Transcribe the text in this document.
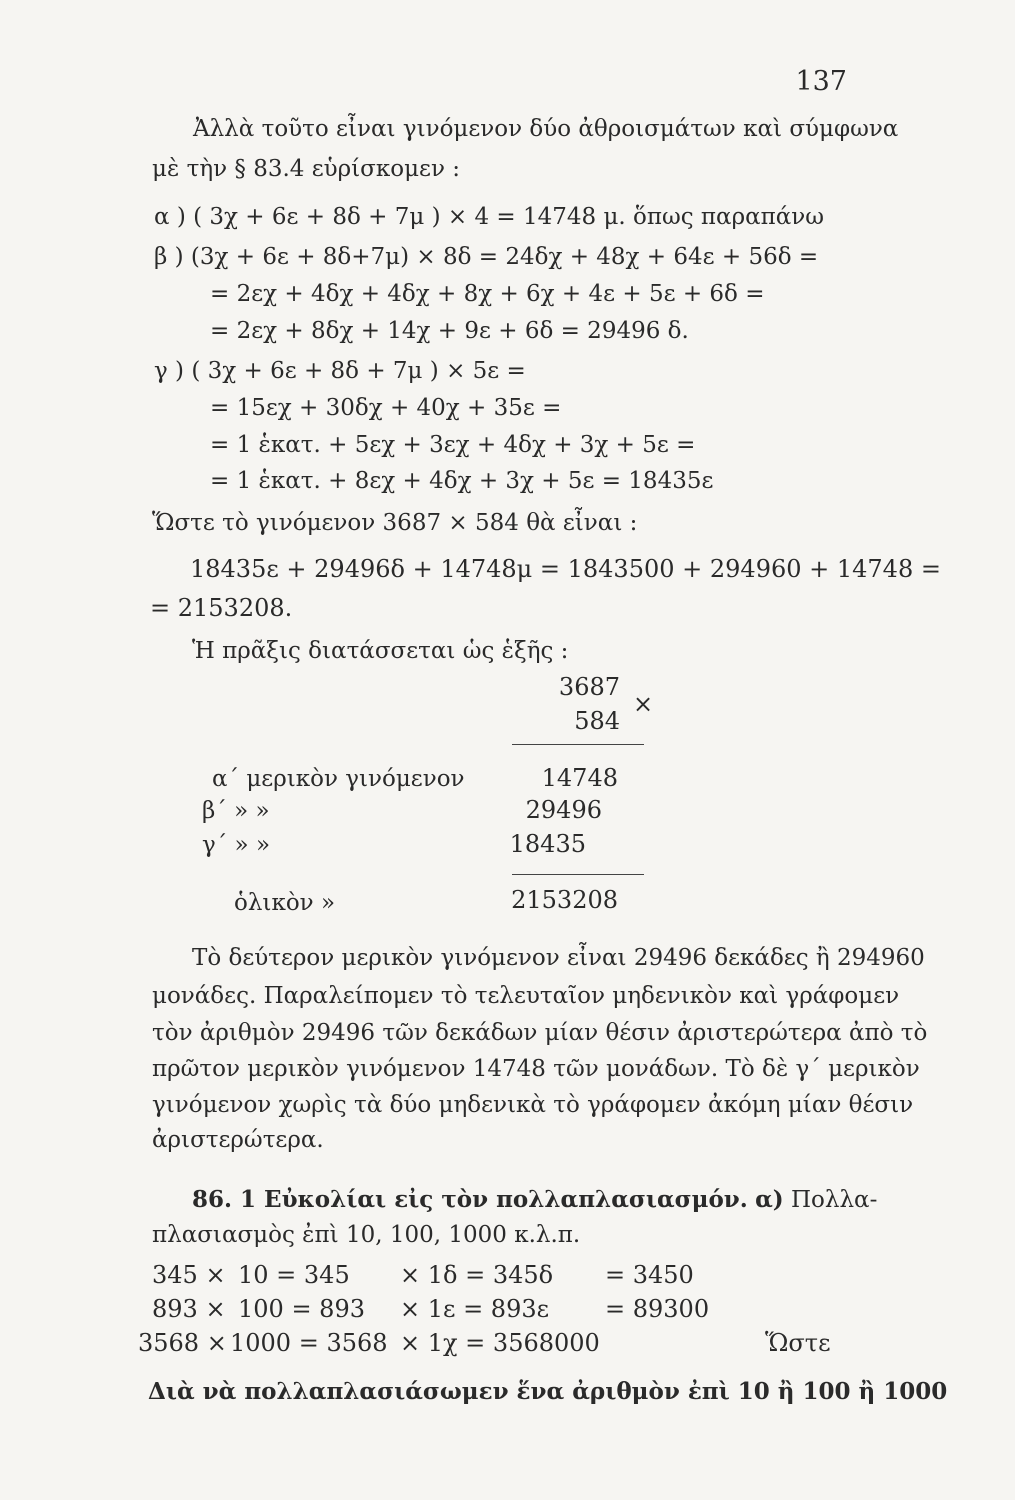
137
Ἀλλὰ τοῦτο εἶναι γινόμενον δύο ἀθροισμάτων καὶ σύμφωνα
μὲ τὴν § 83.4 εὑρίσκομεν :
α ) ( 3χ + 6ε + 8δ + 7μ ) × 4 = 14748 μ. ὅπως παραπάνω
β ) (3χ + 6ε + 8δ+7μ) × 8δ = 24δχ + 48χ + 64ε + 56δ =
= 2εχ + 4δχ + 4δχ + 8χ + 6χ + 4ε + 5ε + 6δ =
= 2εχ + 8δχ + 14χ + 9ε + 6δ = 29496 δ.
γ ) ( 3χ + 6ε + 8δ + 7μ ) × 5ε =
= 15εχ + 30δχ + 40χ + 35ε =
= 1 ἑκατ. + 5εχ + 3εχ + 4δχ + 3χ + 5ε =
= 1 ἑκατ. + 8εχ + 4δχ + 3χ + 5ε = 18435ε
Ὥστε τὸ γινόμενον 3687 × 584 θὰ εἶναι :
18435ε + 29496δ + 14748μ = 1843500 + 294960 + 14748 =
= 2153208.
Ἡ πρᾶξις διατάσσεται ὡς ἑξῆς :
3687
×
584
α΄ μερικὸν γινόμενον	14748
β΄ » »	29496
γ΄ » »	18435
ὁλικὸν »	2153208
Τὸ δεύτερον μερικὸν γινόμενον εἶναι 29496 δεκάδες ἢ 294960
μονάδες. Παραλείπομεν τὸ τελευταῖον μηδενικὸν καὶ γράφομεν
τὸν ἀριθμὸν 29496 τῶν δεκάδων μίαν θέσιν ἀριστερώτερα ἀπὸ τὸ
πρῶτον μερικὸν γινόμενον 14748 τῶν μονάδων. Τὸ δὲ γ΄ μερικὸν
γινόμενον χωρὶς τὰ δύο μηδενικὰ τὸ γράφομεν ἀκόμη μίαν θέσιν
ἀριστερώτερα.
86. 1 Εὐκολίαι εἰς τὸν πολλαπλασιασμόν. α) Πολλα-
πλασιασμὸς ἐπὶ 10, 100, 1000 κ.λ.π.
345 × 10 = 345 × 1δ = 345δ = 3450
893 × 100 = 893 × 1ε = 893ε = 89300
3568 × 1000 = 3568 × 1χ = 3568000	Ὥστε
Διὰ νὰ πολλαπλασιάσωμεν ἕνα ἀριθμὸν ἐπὶ 10 ἢ 100 ἢ 1000
